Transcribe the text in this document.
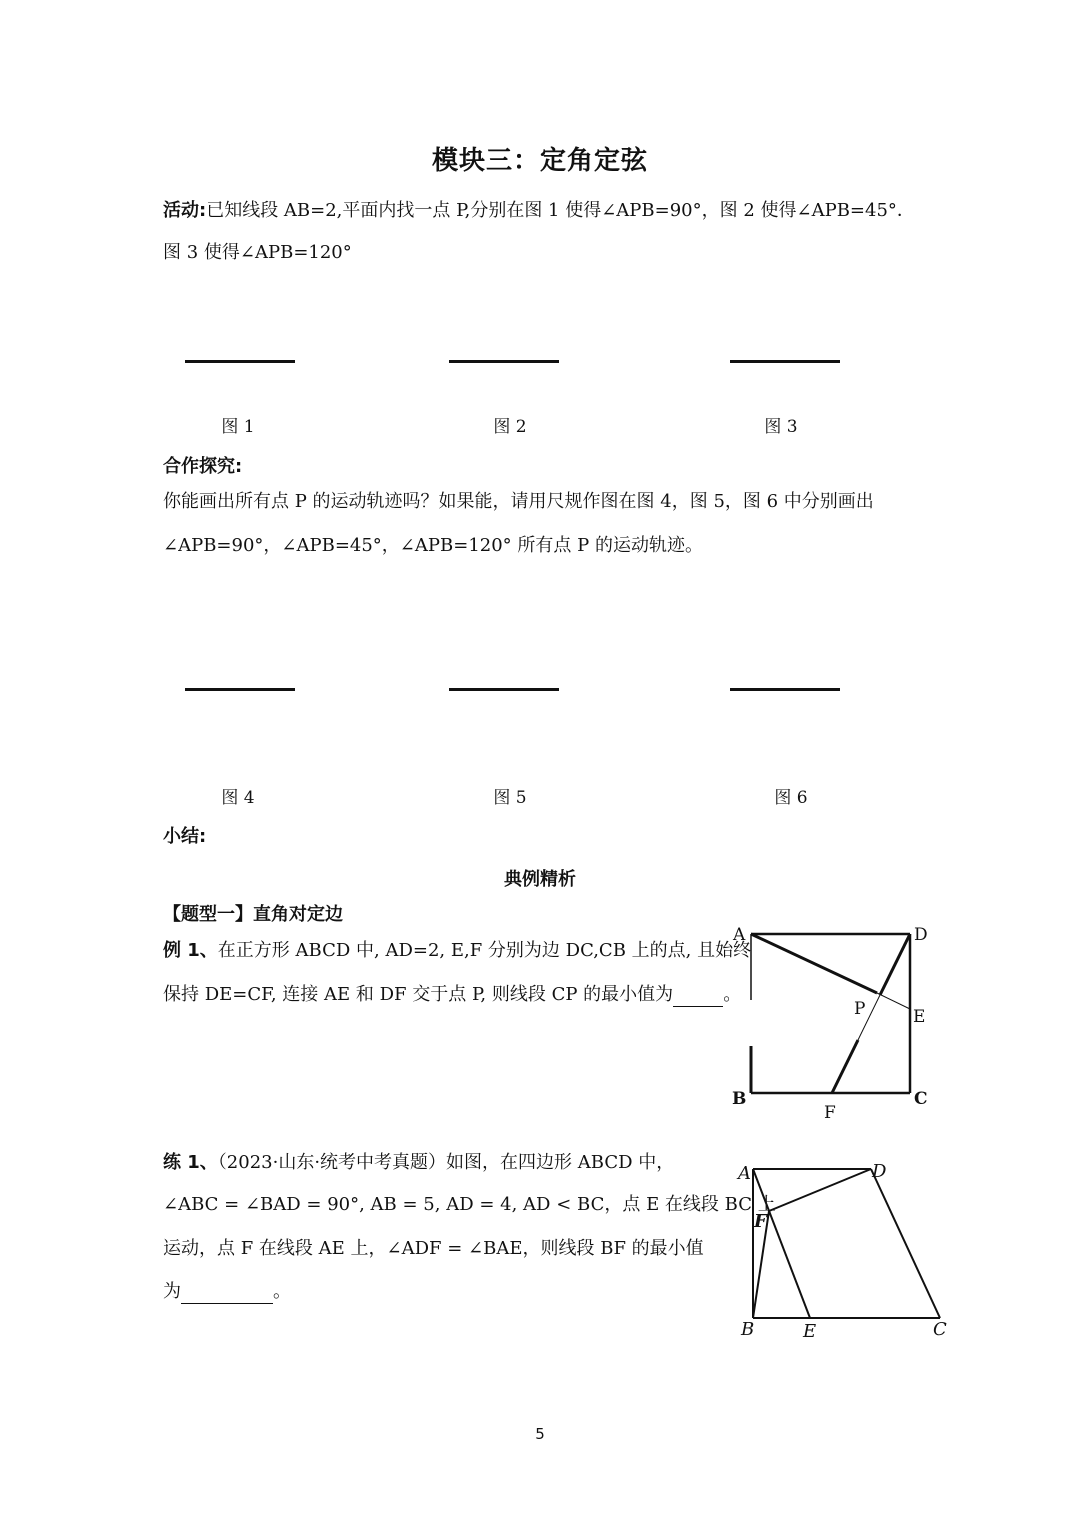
模块三：定角定弦
活动:已知线段 AB=2,平面内找一点 P,分别在图 1 使得∠APB=90°，图 2 使得∠APB=45°．
图 3 使得∠APB=120°
图 1	图 2	图 3
合作探究:
你能画出所有点 P 的运动轨迹吗？如果能，请用尺规作图在图 4，图 5，图 6 中分别画出
∠APB=90°，∠APB=45°，∠APB=120° 所有点 P 的运动轨迹。
图 4	图 5	图 6
小结:
典例精析
【题型一】直角对定边
例 1、在正方形 ABCD 中, AD=2, E,F 分别为边 DC,CB 上的点, 且始终
保持 DE=CF, 连接 AE 和 DF 交于点 P, 则线段 CP 的最小值为	。
A	D
P	E
B	C
F
练 1、（2023·山东·统考中考真题）如图，在四边形 ABCD 中，
∠ABC = ∠BAD = 90°, AB = 5, AD = 4, AD < BC，点 E 在线段 BC 上
运动，点 F 在线段 AE 上，∠ADF = ∠BAE，则线段 BF 的最小值
为	。
A	D
F
B	E	C
5
